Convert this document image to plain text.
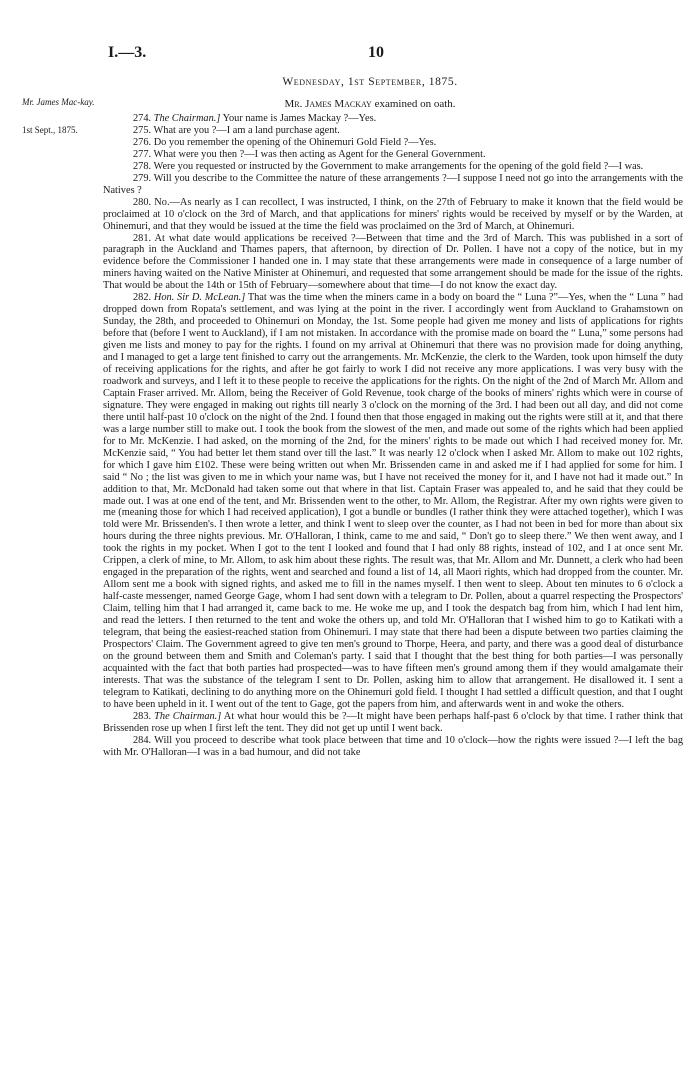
I.—3.	10
Wednesday, 1st September, 1875.
Mr. James Mackay examined on oath.
Mr. James Mac-kay.
1st Sept., 1875.

274. The Chairman.] Your name is James Mackay ?—Yes.

275. What are you ?—I am a land purchase agent.

276. Do you remember the opening of the Ohinemuri Gold Field ?—Yes.

277. What were you then ?—I was then acting as Agent for the General Government.

278. Were you requested or instructed by the Government to make arrangements for the opening of the gold field ?—I was.

279. Will you describe to the Committee the nature of these arrangements ?—I suppose I need not go into the arrangements with the Natives ?

280. No.—As nearly as I can recollect, I was instructed, I think, on the 27th of February to make it known that the field would be proclaimed at 10 o'clock on the 3rd of March, and that applications for miners' rights would be received by myself or by the Warden, at Ohinemuri, and that they would be issued at the time the field was proclaimed on the 3rd of March, at Ohinemuri.

281. At what date would applications be received ?—Between that time and the 3rd of March. This was published in a sort of paragraph in the Auckland and Thames papers, that afternoon, by direction of Dr. Pollen. I have not a copy of the notice, but in my evidence before the Commissioner I handed one in. I may state that these arrangements were made in consequence of a large number of miners having waited on the Native Minister at Ohinemuri, and requested that some arrangement should be made for the issue of the rights. That would be about the 14th or 15th of February—somewhere about that time—I do not know the exact day.

282. Hon. Sir D. McLean.] That was the time when the miners came in a body on board the “ Luna ?”—Yes, when the “ Luna ” had dropped down from Ropata's settlement, and was lying at the point in the river. I accordingly went from Auckland to Grahamstown on Sunday, the 28th, and proceeded to Ohinemuri on Monday, the 1st. Some people had given me money and lists of applications for rights before that (before I went to Auckland), if I am not mistaken. In accordance with the promise made on board the “ Luna,” some persons had given me lists and money to pay for the rights. I found on my arrival at Ohinemuri that there was no provision made for doing anything, and I managed to get a large tent finished to carry out the arrangements. Mr. McKenzie, the clerk to the Warden, took upon himself the duty of receiving applications for the rights, and after he got fairly to work I did not receive any more applications. I was very busy with the roadwork and surveys, and I left it to these people to receive the applications for the rights. On the night of the 2nd of March Mr. Allom and Captain Fraser arrived. Mr. Allom, being the Receiver of Gold Revenue, took charge of the books of miners' rights which were in course of signature. They were engaged in making out rights till nearly 3 o'clock on the morning of the 3rd. I had been out all day, and did not come there until half-past 10 o'clock on the night of the 2nd. I found then that those engaged in making out the rights were still at it, and that there was a large number still to make out. I took the book from the slowest of the men, and made out some of the rights which had been applied for to Mr. McKenzie. I had asked, on the morning of the 2nd, for the miners' rights to be made out which I had received money for. Mr. McKenzie said, “ You had better let them stand over till the last.” It was nearly 12 o'clock when I asked Mr. Allom to make out 102 rights, for which I gave him £102. These were being written out when Mr. Brissenden came in and asked me if I had applied for some for him. I said “ No ; the list was given to me in which your name was, but I have not received the money for it, and I have not had it made out.” In addition to that, Mr. McDonald had taken some out that where in that list. Captain Fraser was appealed to, and he said that they could be made out. I was at one end of the tent, and Mr. Brissenden went to the other, to Mr. Allom, the Registrar. After my own rights were given to me (meaning those for which I had received application), I got a bundle or bundles (I rather think they were attached together), which I was told were Mr. Brissenden's. I then wrote a letter, and think I went to sleep over the counter, as I had not been in bed for more than about six hours during the three nights previous. Mr. O'Halloran, I think, came to me and said, “ Don't go to sleep there.” We then went away, and I took the rights in my pocket. When I got to the tent I looked and found that I had only 88 rights, instead of 102, and I at once sent Mr. Crippen, a clerk of mine, to Mr. Allom, to ask him about these rights. The result was, that Mr. Allom and Mr. Dunnett, a clerk who had been engaged in the preparation of the rights, went and searched and found a list of 14, all Maori rights, which had dropped from the counter. Mr. Allom sent me a book with signed rights, and asked me to fill in the names myself. I then went to sleep. About ten minutes to 6 o'clock a half-caste messenger, named George Gage, whom I had sent down with a telegram to Dr. Pollen, about a quarrel respecting the Prospectors' Claim, telling him that I had arranged it, came back to me. He woke me up, and I took the despatch bag from him, which I had lent him, and read the letters. I then returned to the tent and woke the others up, and told Mr. O'Halloran that I wished him to go to Katikati with a telegram, that being the easiest-reached station from Ohinemuri. I may state that there had been a dispute between two parties claiming the Prospectors' Claim. The Government agreed to give ten men's ground to Thorpe, Heera, and party, and there was a good deal of disturbance on the ground between them and Smith and Coleman's party. I said that I thought that the best thing for both parties—I was personally acquainted with the fact that both parties had prospected—was to have fifteen men's ground among them if they would amalgamate their interests. That was the substance of the telegram I sent to Dr. Pollen, asking him to allow that arrangement. He disallowed it. I sent a telegram to Katikati, declining to do anything more on the Ohinemuri gold field. I thought I had settled a difficult question, and that I ought to have been upheld in it. I went out of the tent to Gage, got the papers from him, and afterwards went in and woke the others.

283. The Chairman.] At what hour would this be ?—It might have been perhaps half-past 6 o'clock by that time. I rather think that Brissenden rose up when I first left the tent. They did not get up until I went back.

284. Will you proceed to describe what took place between that time and 10 o'clock—how the rights were issued ?—I left the bag with Mr. O'Halloran—I was in a bad humour, and did not take
